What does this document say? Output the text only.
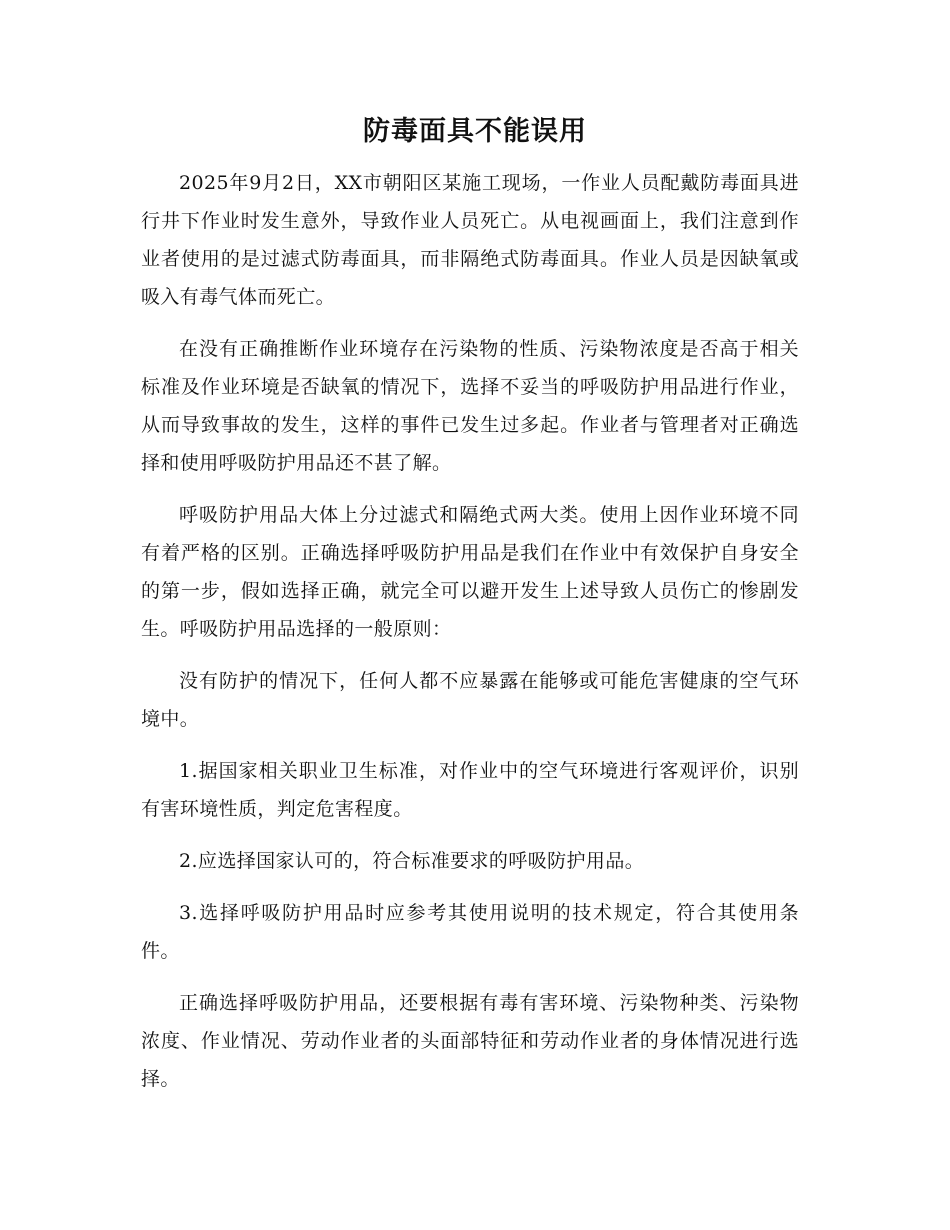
防毒面具不能误用

2025年9月2日，XX市朝阳区某施工现场，一作业人员配戴防毒面具进行井下作业时发生意外，导致作业人员死亡。从电视画面上，我们注意到作业者使用的是过滤式防毒面具，而非隔绝式防毒面具。作业人员是因缺氧或吸入有毒气体而死亡。

在没有正确推断作业环境存在污染物的性质、污染物浓度是否高于相关标准及作业环境是否缺氧的情况下，选择不妥当的呼吸防护用品进行作业，从而导致事故的发生，这样的事件已发生过多起。作业者与管理者对正确选择和使用呼吸防护用品还不甚了解。

呼吸防护用品大体上分过滤式和隔绝式两大类。使用上因作业环境不同有着严格的区别。正确选择呼吸防护用品是我们在作业中有效保护自身安全的第一步，假如选择正确，就完全可以避开发生上述导致人员伤亡的惨剧发生。呼吸防护用品选择的一般原则：

没有防护的情况下，任何人都不应暴露在能够或可能危害健康的空气环境中。

1.据国家相关职业卫生标准，对作业中的空气环境进行客观评价，识别有害环境性质，判定危害程度。

2.应选择国家认可的，符合标准要求的呼吸防护用品。

3.选择呼吸防护用品时应参考其使用说明的技术规定，符合其使用条件。

正确选择呼吸防护用品，还要根据有毒有害环境、污染物种类、污染物浓度、作业情况、劳动作业者的头面部特征和劳动作业者的身体情况进行选择。
